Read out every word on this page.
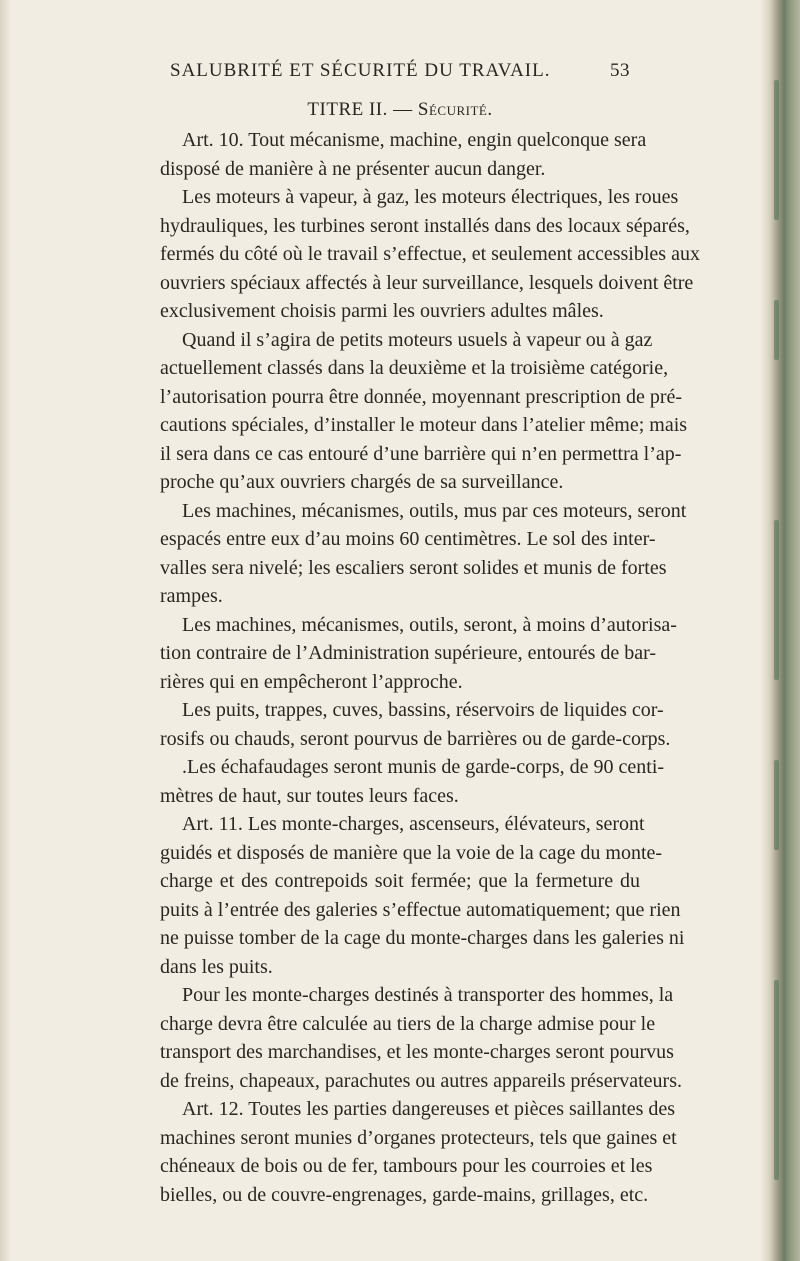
SALUBRITÉ ET SÉCURITÉ DU TRAVAIL.	53
TITRE II. — Sécurité.
Art. 10. Tout mécanisme, machine, engin quelconque sera
disposé de manière à ne présenter aucun danger.
Les moteurs à vapeur, à gaz, les moteurs électriques, les roues
hydrauliques, les turbines seront installés dans des locaux séparés,
fermés du côté où le travail s’effectue, et seulement accessibles aux
ouvriers spéciaux affectés à leur surveillance, lesquels doivent être
exclusivement choisis parmi les ouvriers adultes mâles.
Quand il s’agira de petits moteurs usuels à vapeur ou à gaz
actuellement classés dans la deuxième et la troisième catégorie,
l’autorisation pourra être donnée, moyennant prescription de pré-
cautions spéciales, d’installer le moteur dans l’atelier même; mais
il sera dans ce cas entouré d’une barrière qui n’en permettra l’ap-
proche qu’aux ouvriers chargés de sa surveillance.
Les machines, mécanismes, outils, mus par ces moteurs, seront
espacés entre eux d’au moins 60 centimètres. Le sol des inter-
valles sera nivelé; les escaliers seront solides et munis de fortes
rampes.
Les machines, mécanismes, outils, seront, à moins d’autorisa-
tion contraire de l’Administration supérieure, entourés de bar-
rières qui en empêcheront l’approche.
Les puits, trappes, cuves, bassins, réservoirs de liquides cor-
rosifs ou chauds, seront pourvus de barrières ou de garde-corps.
.Les échafaudages seront munis de garde-corps, de 90 centi-
mètres de haut, sur toutes leurs faces.
Art. 11. Les monte-charges, ascenseurs, élévateurs, seront
guidés et disposés de manière que la voie de la cage du monte-
charge et des contrepoids soit fermée; que la fermeture du
puits à l’entrée des galeries s’effectue automatiquement; que rien
ne puisse tomber de la cage du monte-charges dans les galeries ni
dans les puits.
Pour les monte-charges destinés à transporter des hommes, la
charge devra être calculée au tiers de la charge admise pour le
transport des marchandises, et les monte-charges seront pourvus
de freins, chapeaux, parachutes ou autres appareils préservateurs.
Art. 12. Toutes les parties dangereuses et pièces saillantes des
machines seront munies d’organes protecteurs, tels que gaines et
chéneaux de bois ou de fer, tambours pour les courroies et les
bielles, ou de couvre-engrenages, garde-mains, grillages, etc.
